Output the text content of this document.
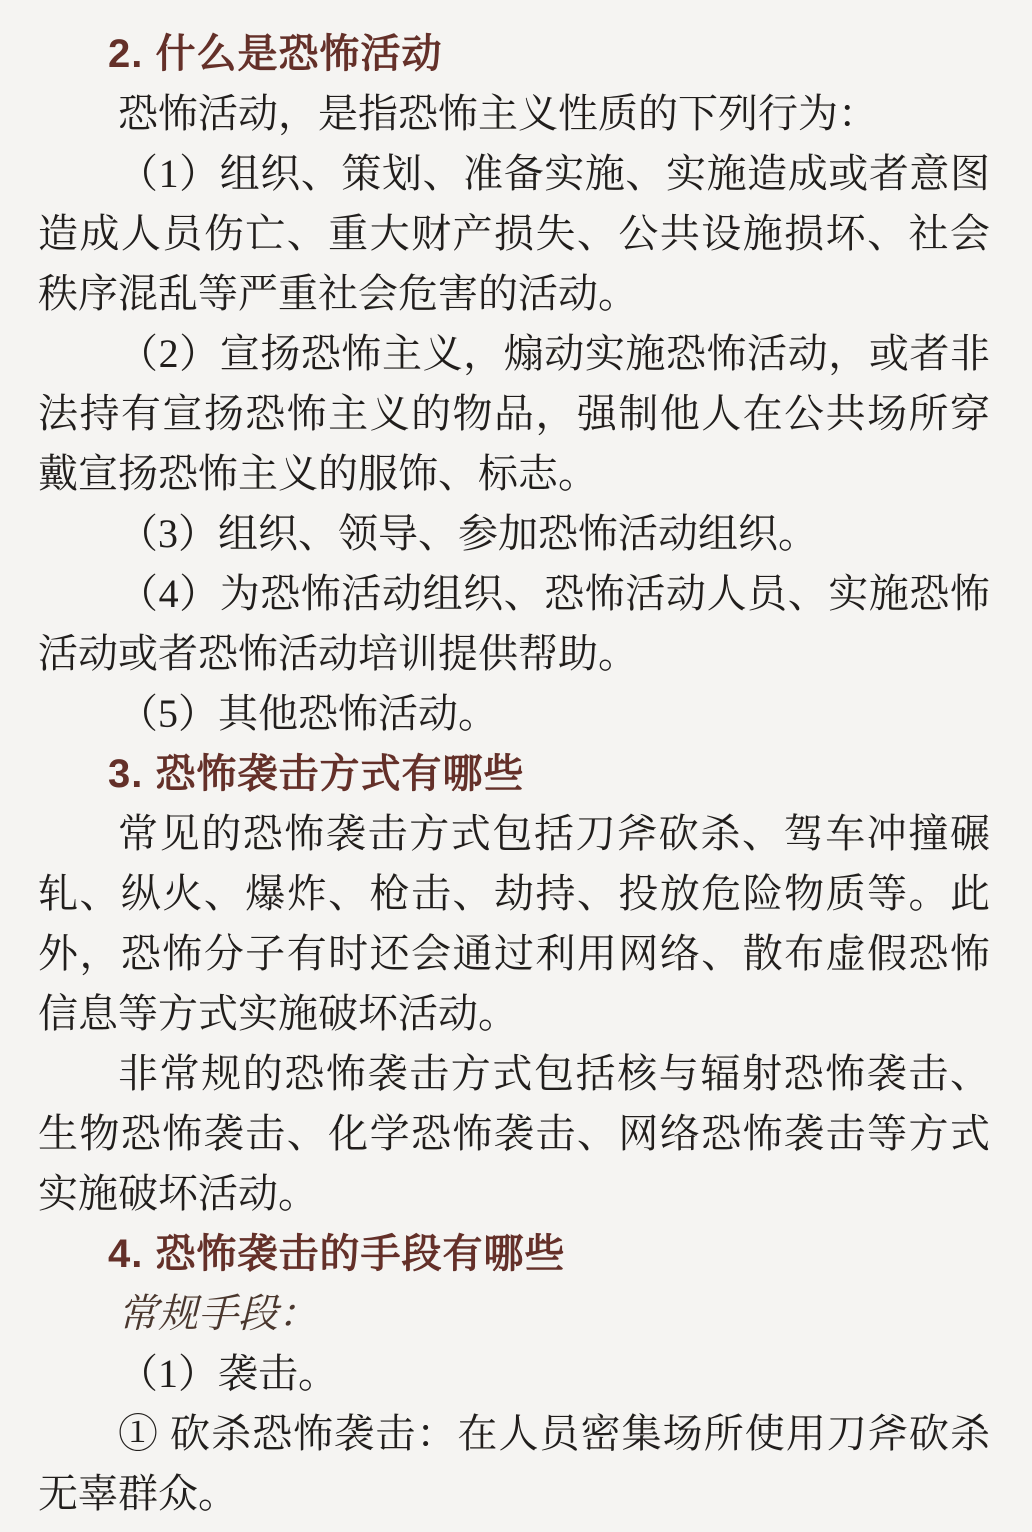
2. 什么是恐怖活动

恐怖活动，是指恐怖主义性质的下列行为：

（1）组织、策划、准备实施、实施造成或者意图造成人员伤亡、重大财产损失、公共设施损坏、社会秩序混乱等严重社会危害的活动。

（2）宣扬恐怖主义，煽动实施恐怖活动，或者非法持有宣扬恐怖主义的物品，强制他人在公共场所穿戴宣扬恐怖主义的服饰、标志。

（3）组织、领导、参加恐怖活动组织。

（4）为恐怖活动组织、恐怖活动人员、实施恐怖活动或者恐怖活动培训提供帮助。

（5）其他恐怖活动。

3. 恐怖袭击方式有哪些

常见的恐怖袭击方式包括刀斧砍杀、驾车冲撞碾轧、纵火、爆炸、枪击、劫持、投放危险物质等。此外，恐怖分子有时还会通过利用网络、散布虚假恐怖信息等方式实施破坏活动。

非常规的恐怖袭击方式包括核与辐射恐怖袭击、生物恐怖袭击、化学恐怖袭击、网络恐怖袭击等方式实施破坏活动。

4. 恐怖袭击的手段有哪些

常规手段：

（1）袭击。

① 砍杀恐怖袭击：在人员密集场所使用刀斧砍杀无辜群众。
